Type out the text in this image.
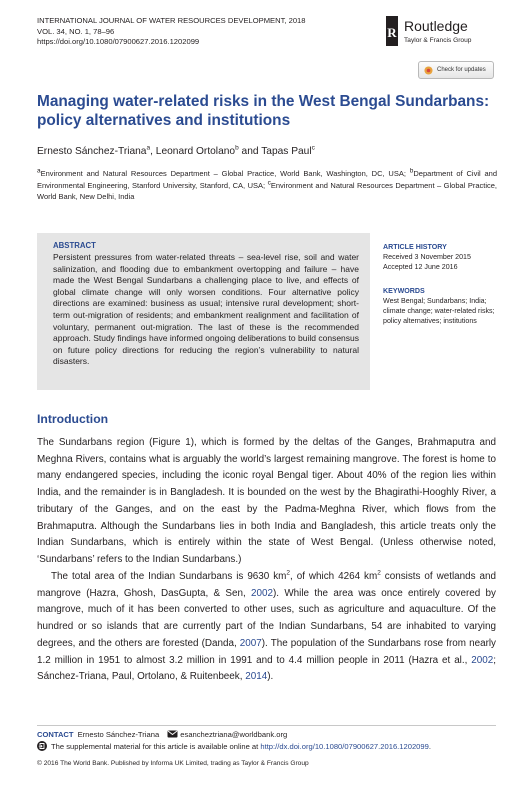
INTERNATIONAL JOURNAL OF WATER RESOURCES DEVELOPMENT, 2018
VOL. 34, NO. 1, 78–96
https://doi.org/10.1080/07900627.2016.1202099
R Routledge
Taylor & Francis Group
Check for updates
Managing water-related risks in the West Bengal Sundarbans: policy alternatives and institutions
Ernesto Sánchez-Triana$^a$, Leonard Ortolano$^b$ and Tapas Paul$^c$
$^a$Environment and Natural Resources Department – Global Practice, World Bank, Washington, DC, USA; $^b$Department of Civil and Environmental Engineering, Stanford University, Stanford, CA, USA; $^c$Environment and Natural Resources Department – Global Practice, World Bank, New Delhi, India
ABSTRACT
Persistent pressures from water-related threats – sea-level rise, soil and water salinization, and flooding due to embankment overtopping and failure – have made the West Bengal Sundarbans a challenging place to live, and effects of global climate change will only worsen conditions. Four alternative policy directions are examined: business as usual; intensive rural development; short-term out-migration of residents; and embankment realignment and facilitation of voluntary, permanent out-migration. The last of these is the recommended approach. Study findings have informed ongoing deliberations to build consensus on future policy directions for reducing the region’s vulnerability to natural disasters.
ARTICLE HISTORY
Received 3 November 2015
Accepted 12 June 2016
KEYWORDS
West Bengal; Sundarbans; India; climate change; water-related risks; policy alternatives; institutions
Introduction
The Sundarbans region (Figure 1), which is formed by the deltas of the Ganges, Brahmaputra and Meghna Rivers, contains what is arguably the world’s largest remaining mangrove. The forest is home to many endangered species, including the iconic royal Bengal tiger. About 40% of the region lies within India, and the remainder is in Bangladesh. It is bounded on the west by the Bhagirathi-Hooghly River, a tributary of the Ganges, and on the east by the Padma-Meghna River, which flows from the Brahmaputra. Although the Sundarbans lies in both India and Bangladesh, this article treats only the Indian Sundarbans, which is entirely within the state of West Bengal. (Unless otherwise noted, ‘Sundarbans’ refers to the Indian Sundarbans.)
The total area of the Indian Sundarbans is 9630 $km^2$, of which 4264 $km^2$ consists of wetlands and mangrove (Hazra, Ghosh, DasGupta, & Sen, 2002). While the area was once entirely covered by mangrove, much of it has been converted to other uses, such as agriculture and aquaculture. Of the hundred or so islands that are currently part of the Indian Sundarbans, 54 are inhabited to varying degrees, and the others are forested (Danda, 2007). The population of the Sundarbans rose from nearly 1.2 million in 1951 to almost 3.2 million in 1991 and to 4.4 million people in 2011 (Hazra et al., 2002; Sánchez-Triana, Paul, Ortolano, & Ruitenbeek, 2014).
CONTACT Ernesto Sánchez-Triana	esancheztriana@worldbank.org
The supplemental material for this article is available online at http://dx.doi.org/10.1080/07900627.2016.1202099.
© 2016 The World Bank. Published by Informa UK Limited, trading as Taylor & Francis Group
